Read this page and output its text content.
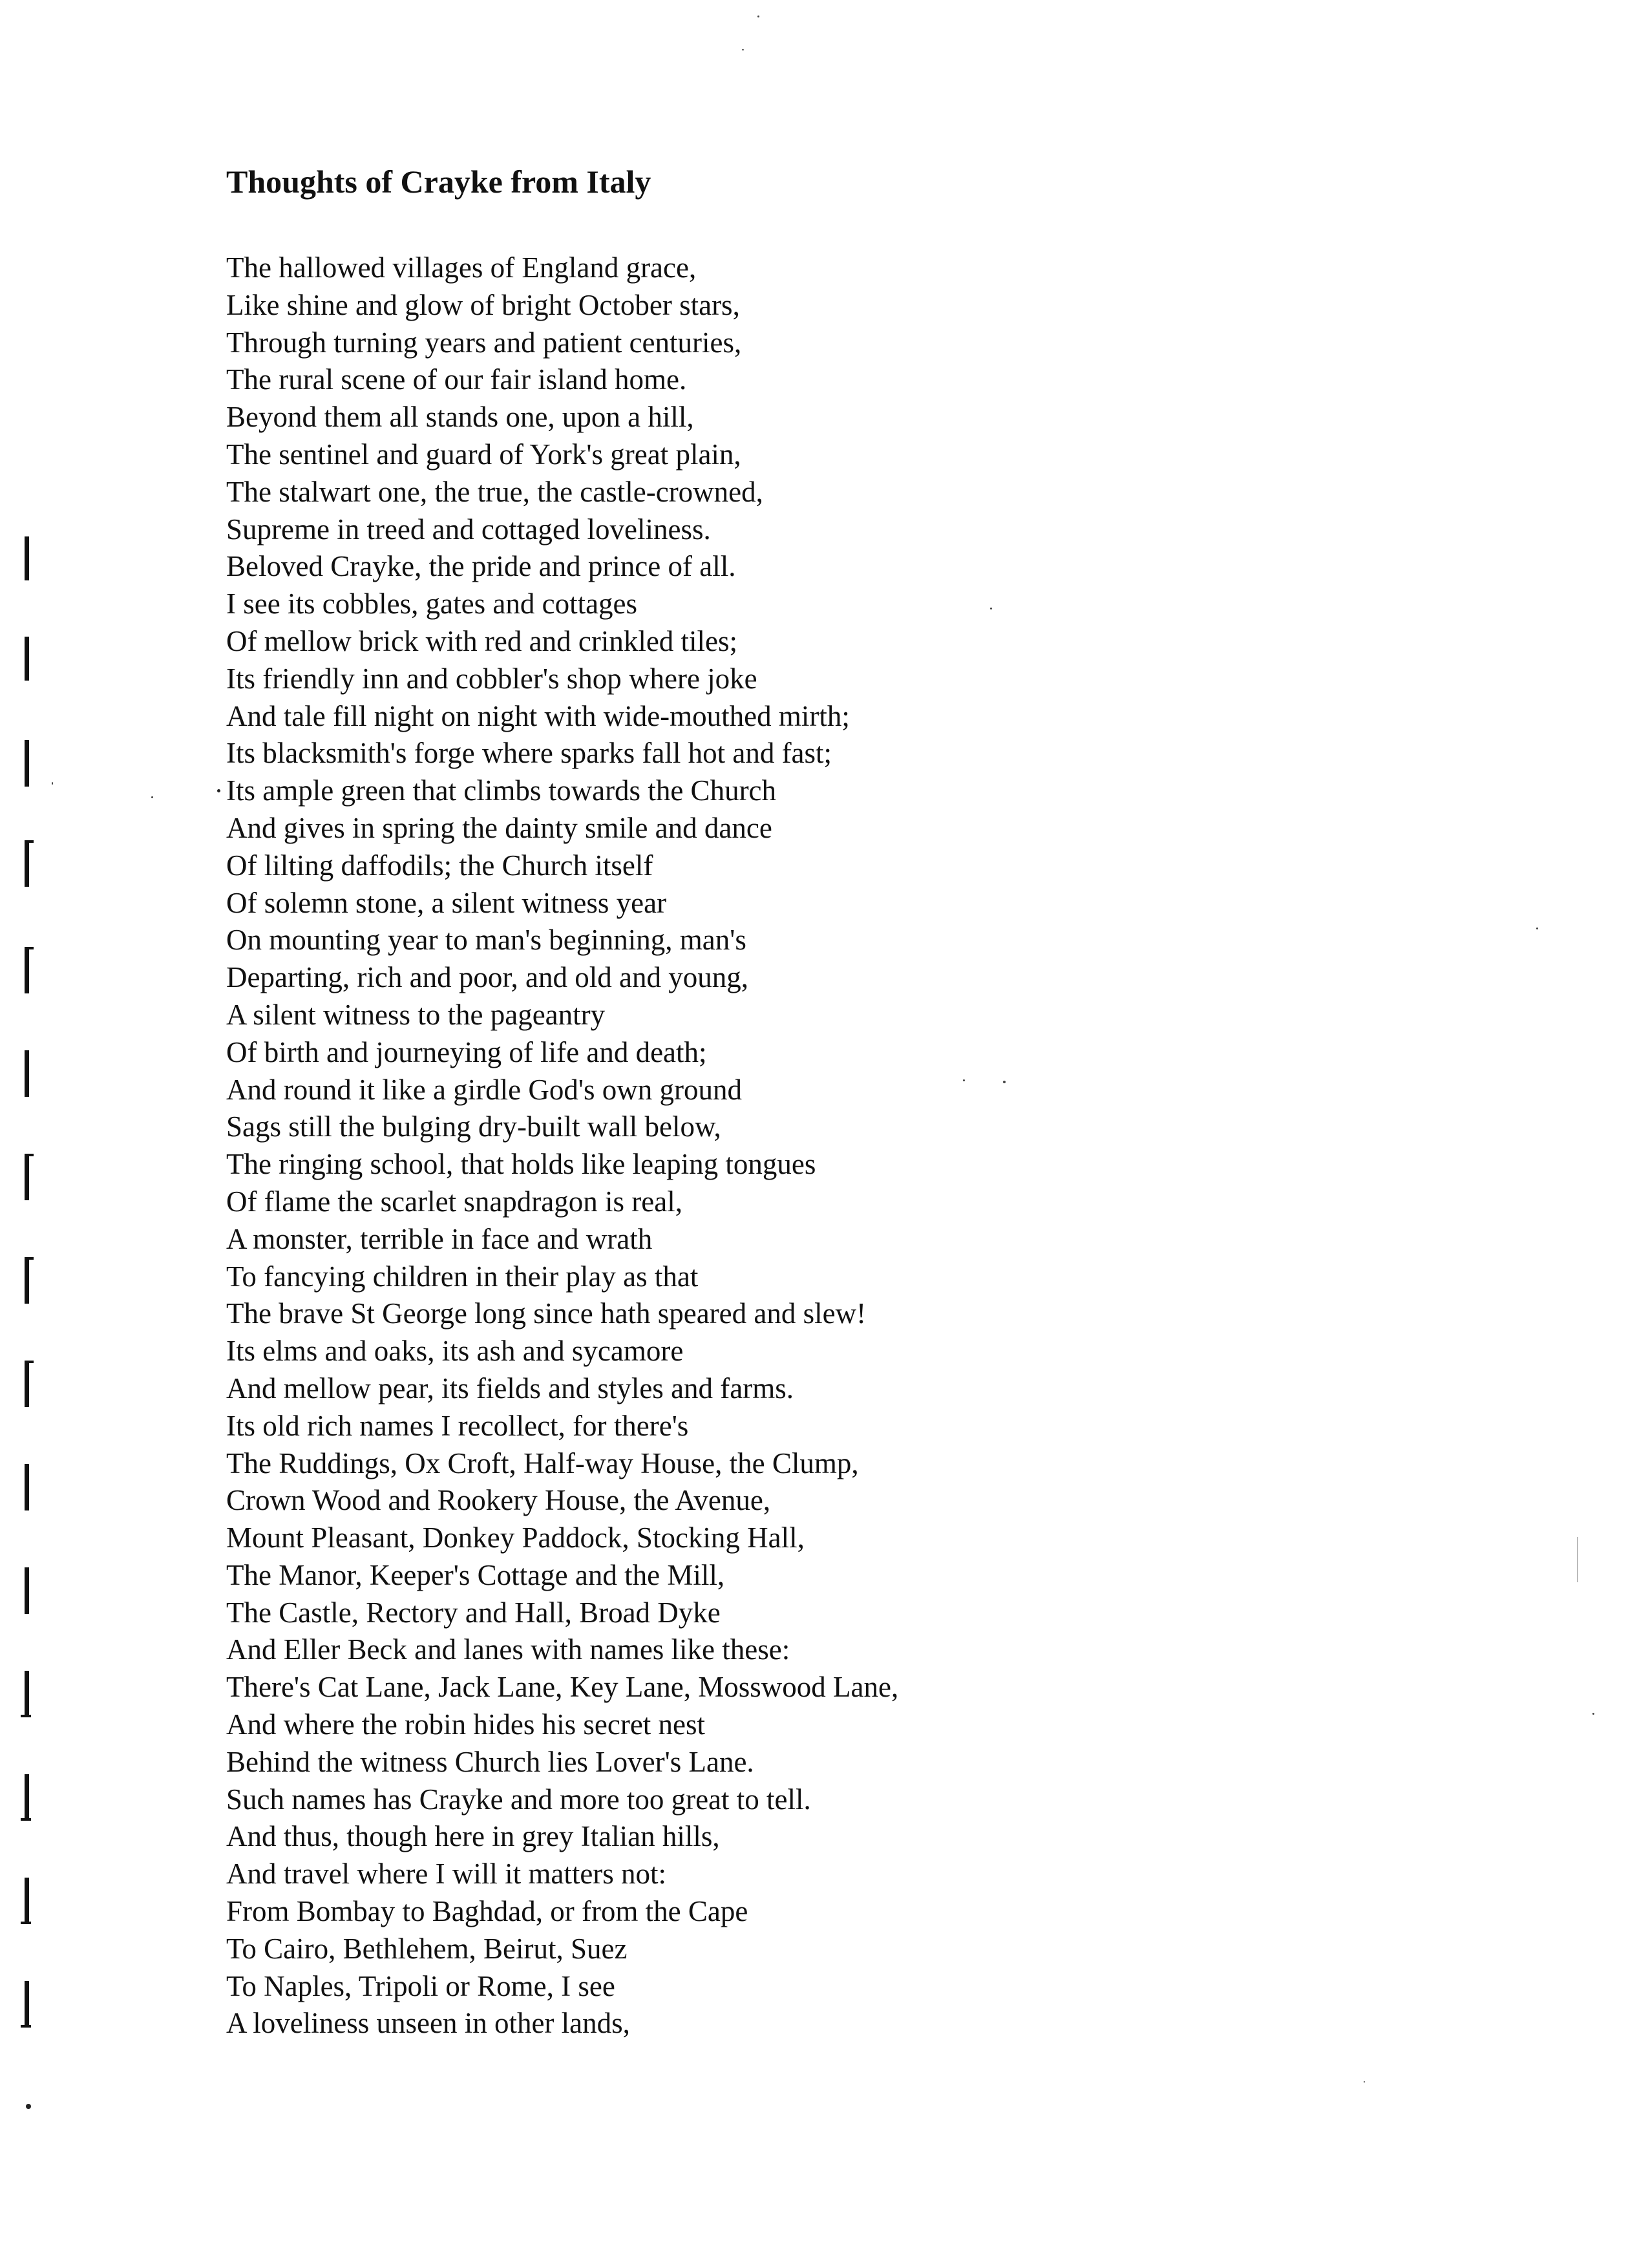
Thoughts of Crayke from Italy
The hallowed villages of England grace,
Like shine and glow of bright October stars,
Through turning years and patient centuries,
The rural scene of our fair island home.
Beyond them all stands one, upon a hill,
The sentinel and guard of York's great plain,
The stalwart one, the true, the castle-crowned,
Supreme in treed and cottaged loveliness.
Beloved Crayke, the pride and prince of all.
I see its cobbles, gates and cottages
Of mellow brick with red and crinkled tiles;
Its friendly inn and cobbler's shop where joke
And tale fill night on night with wide-mouthed mirth;
Its blacksmith's forge where sparks fall hot and fast;
Its ample green that climbs towards the Church
And gives in spring the dainty smile and dance
Of lilting daffodils; the Church itself
Of solemn stone, a silent witness year
On mounting year to man's beginning, man's
Departing, rich and poor, and old and young,
A silent witness to the pageantry
Of birth and journeying of life and death;
And round it like a girdle God's own ground
Sags still the bulging dry-built wall below,
The ringing school, that holds like leaping tongues
Of flame the scarlet snapdragon is real,
A monster, terrible in face and wrath
To fancying children in their play as that
The brave St George long since hath speared and slew!
Its elms and oaks, its ash and sycamore
And mellow pear, its fields and styles and farms.
Its old rich names I recollect, for there's
The Ruddings, Ox Croft, Half-way House, the Clump,
Crown Wood and Rookery House, the Avenue,
Mount Pleasant, Donkey Paddock, Stocking Hall,
The Manor, Keeper's Cottage and the Mill,
The Castle, Rectory and Hall, Broad Dyke
And Eller Beck and lanes with names like these:
There's Cat Lane, Jack Lane, Key Lane, Mosswood Lane,
And where the robin hides his secret nest
Behind the witness Church lies Lover's Lane.
Such names has Crayke and more too great to tell.
And thus, though here in grey Italian hills,
And travel where I will it matters not:
From Bombay to Baghdad, or from the Cape
To Cairo, Bethlehem, Beirut, Suez
To Naples, Tripoli or Rome, I see
A loveliness unseen in other lands,
